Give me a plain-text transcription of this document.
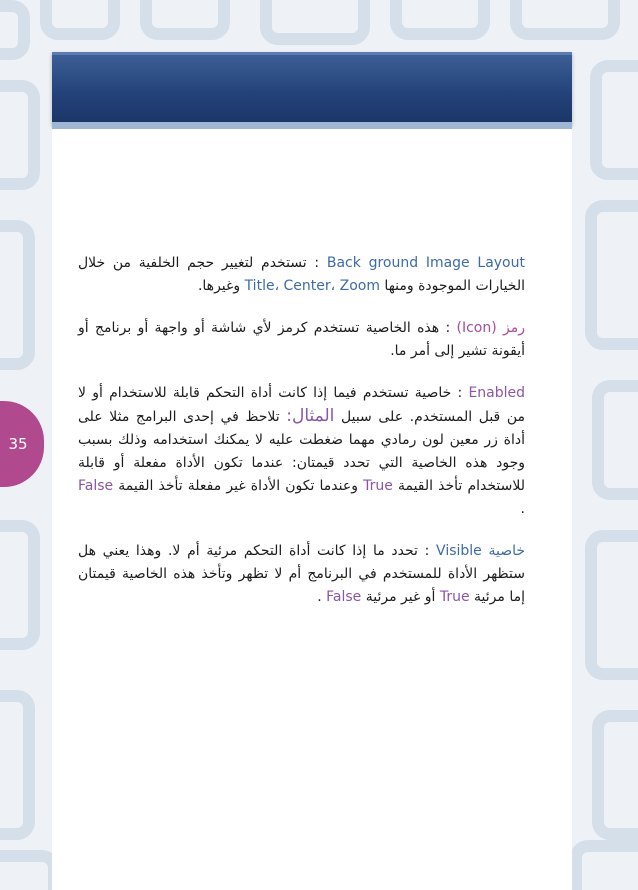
35

Back ground Image Layout : تستخدم لتغيير حجم الخلفية من خلال الخيارات الموجودة ومنها Title، Center، Zoom وغيرها.

رمز (Icon) : هذه الخاصية تستخدم كرمز لأي شاشة أو واجهة أو برنامج أو أيقونة تشير إلى أمر ما.

Enabled : خاصية تستخدم فيما إذا كانت أداة التحكم قابلة للاستخدام أو لا من قبل المستخدم. على سبيل المثال: تلاحظ في إحدى البرامج مثلا على أداة زر معين لون رمادي مهما ضغطت عليه لا يمكنك استخدامه وذلك بسبب وجود هذه الخاصية التي تحدد قيمتان: عندما تكون الأداة مفعلة أو قابلة للاستخدام تأخذ القيمة True وعندما تكون الأداة غير مفعلة تأخذ القيمة False .

خاصية Visible : تحدد ما إذا كانت أداة التحكم مرئية أم لا. وهذا يعني هل ستظهر الأداة للمستخدم في البرنامج أم لا تظهر وتأخذ هذه الخاصية قيمتان إما مرئية True أو غير مرئية False .
